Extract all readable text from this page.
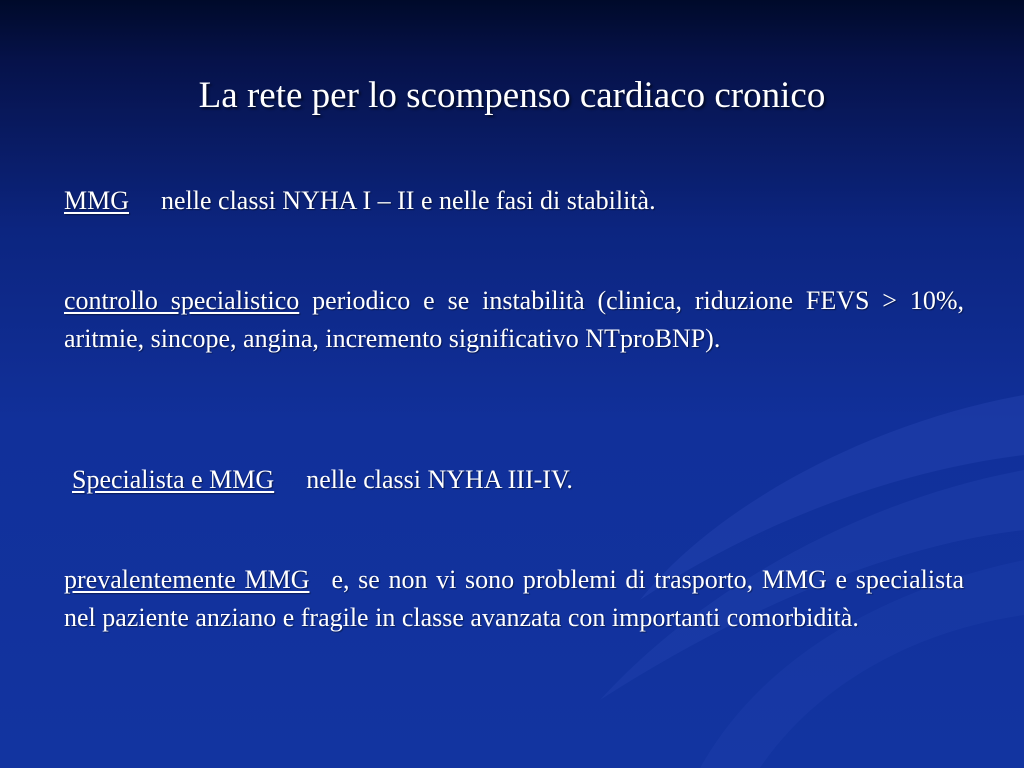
La rete per lo scompenso cardiaco cronico
MMG nelle classi NYHA I – II e nelle fasi di stabilità.
controllo specialistico periodico e se instabilità (clinica, riduzione FEVS > 10%, aritmie, sincope, angina, incremento significativo NTproBNP).
Specialista e MMG nelle classi NYHA III-IV.
prevalentemente MMG e, se non vi sono problemi di trasporto, MMG e specialista nel paziente anziano e fragile in classe avanzata con importanti comorbidità.
